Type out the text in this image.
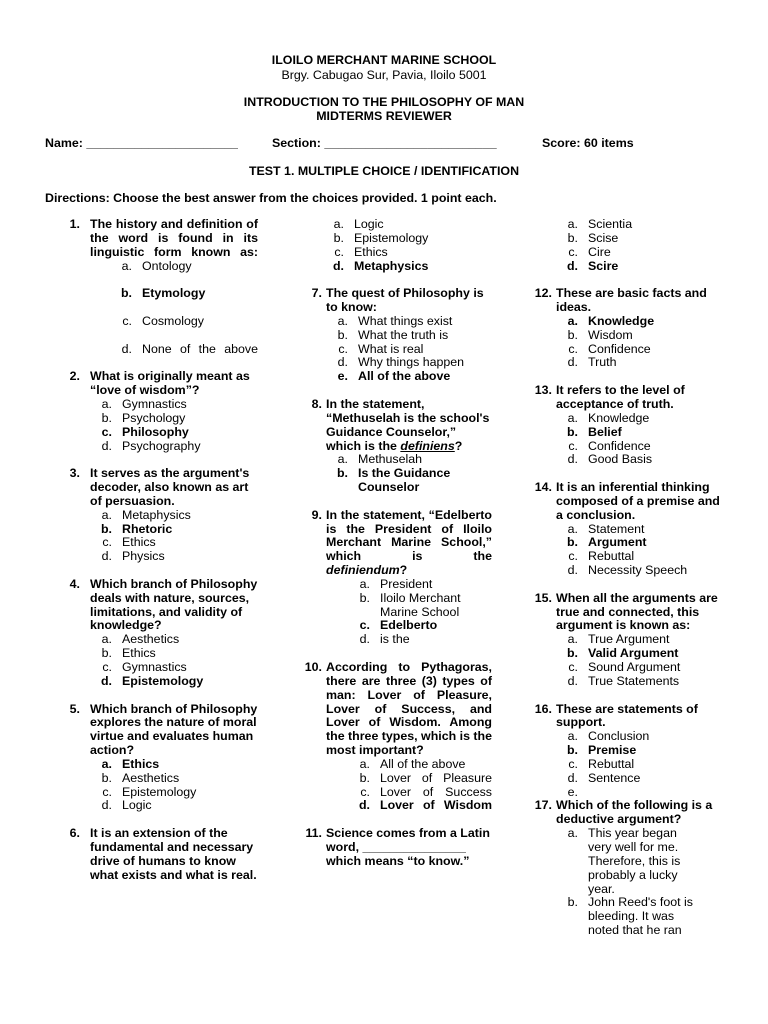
ILOILO MERCHANT MARINE SCHOOL
Brgy. Cabugao Sur, Pavia, Iloilo 5001
INTRODUCTION TO THE PHILOSOPHY OF MAN
MIDTERMS REVIEWER
Name: ______________________	Section: _________________________	Score: 60 items
TEST 1. MULTIPLE CHOICE / IDENTIFICATION
Directions: Choose the best answer from the choices provided. 1 point each.
1. The history and definition of the word is found in its linguistic form known as:
a. Ontology
b. Etymology
c. Cosmology
d. None of the above
2. What is originally meant as “love of wisdom”?
a. Gymnastics
b. Psychology
c. Philosophy
d. Psychography
3. It serves as the argument's decoder, also known as art of persuasion.
a. Metaphysics
b. Rhetoric
c. Ethics
d. Physics
4. Which branch of Philosophy deals with nature, sources, limitations, and validity of knowledge?
a. Aesthetics
b. Ethics
c. Gymnastics
d. Epistemology
5. Which branch of Philosophy explores the nature of moral virtue and evaluates human action?
a. Ethics
b. Aesthetics
c. Epistemology
d. Logic
6. It is an extension of the fundamental and necessary drive of humans to know what exists and what is real.
a. Logic
b. Epistemology
c. Ethics
d. Metaphysics
7. The quest of Philosophy is to know:
a. What things exist
b. What the truth is
c. What is real
d. Why things happen
e. All of the above
8. In the statement, “Methuselah is the school's Guidance Counselor,” which is the definiens?
a. Methuselah
b. Is the Guidance Counselor
9. In the statement, “Edelberto is the President of Iloilo Merchant Marine School,” which is the
definiendum?
a. President
b. Iloilo Merchant Marine School
c. Edelberto
d. is the
10. According to Pythagoras, there are three (3) types of man: Lover of Pleasure, Lover of Success, and Lover of Wisdom. Among the three types, which is the most important?
a. All of the above
b. Lover of Pleasure
c. Lover of Success
d. Lover of Wisdom
11. Science comes from a Latin word, _______________ which means “to know.”
a. Scientia
b. Scise
c. Cire
d. Scire
12. These are basic facts and ideas.
a. Knowledge
b. Wisdom
c. Confidence
d. Truth
13. It refers to the level of acceptance of truth.
a. Knowledge
b. Belief
c. Confidence
d. Good Basis
14. It is an inferential thinking composed of a premise and a conclusion.
a. Statement
b. Argument
c. Rebuttal
d. Necessity Speech
15. When all the arguments are true and connected, this argument is known as:
a. True Argument
b. Valid Argument
c. Sound Argument
d. True Statements
16. These are statements of support.
a. Conclusion
b. Premise
c. Rebuttal
d. Sentence
e.
17. Which of the following is a deductive argument?
a. This year began very well for me. Therefore, this is probably a lucky year.
b. John Reed's foot is bleeding. It was noted that he ran
